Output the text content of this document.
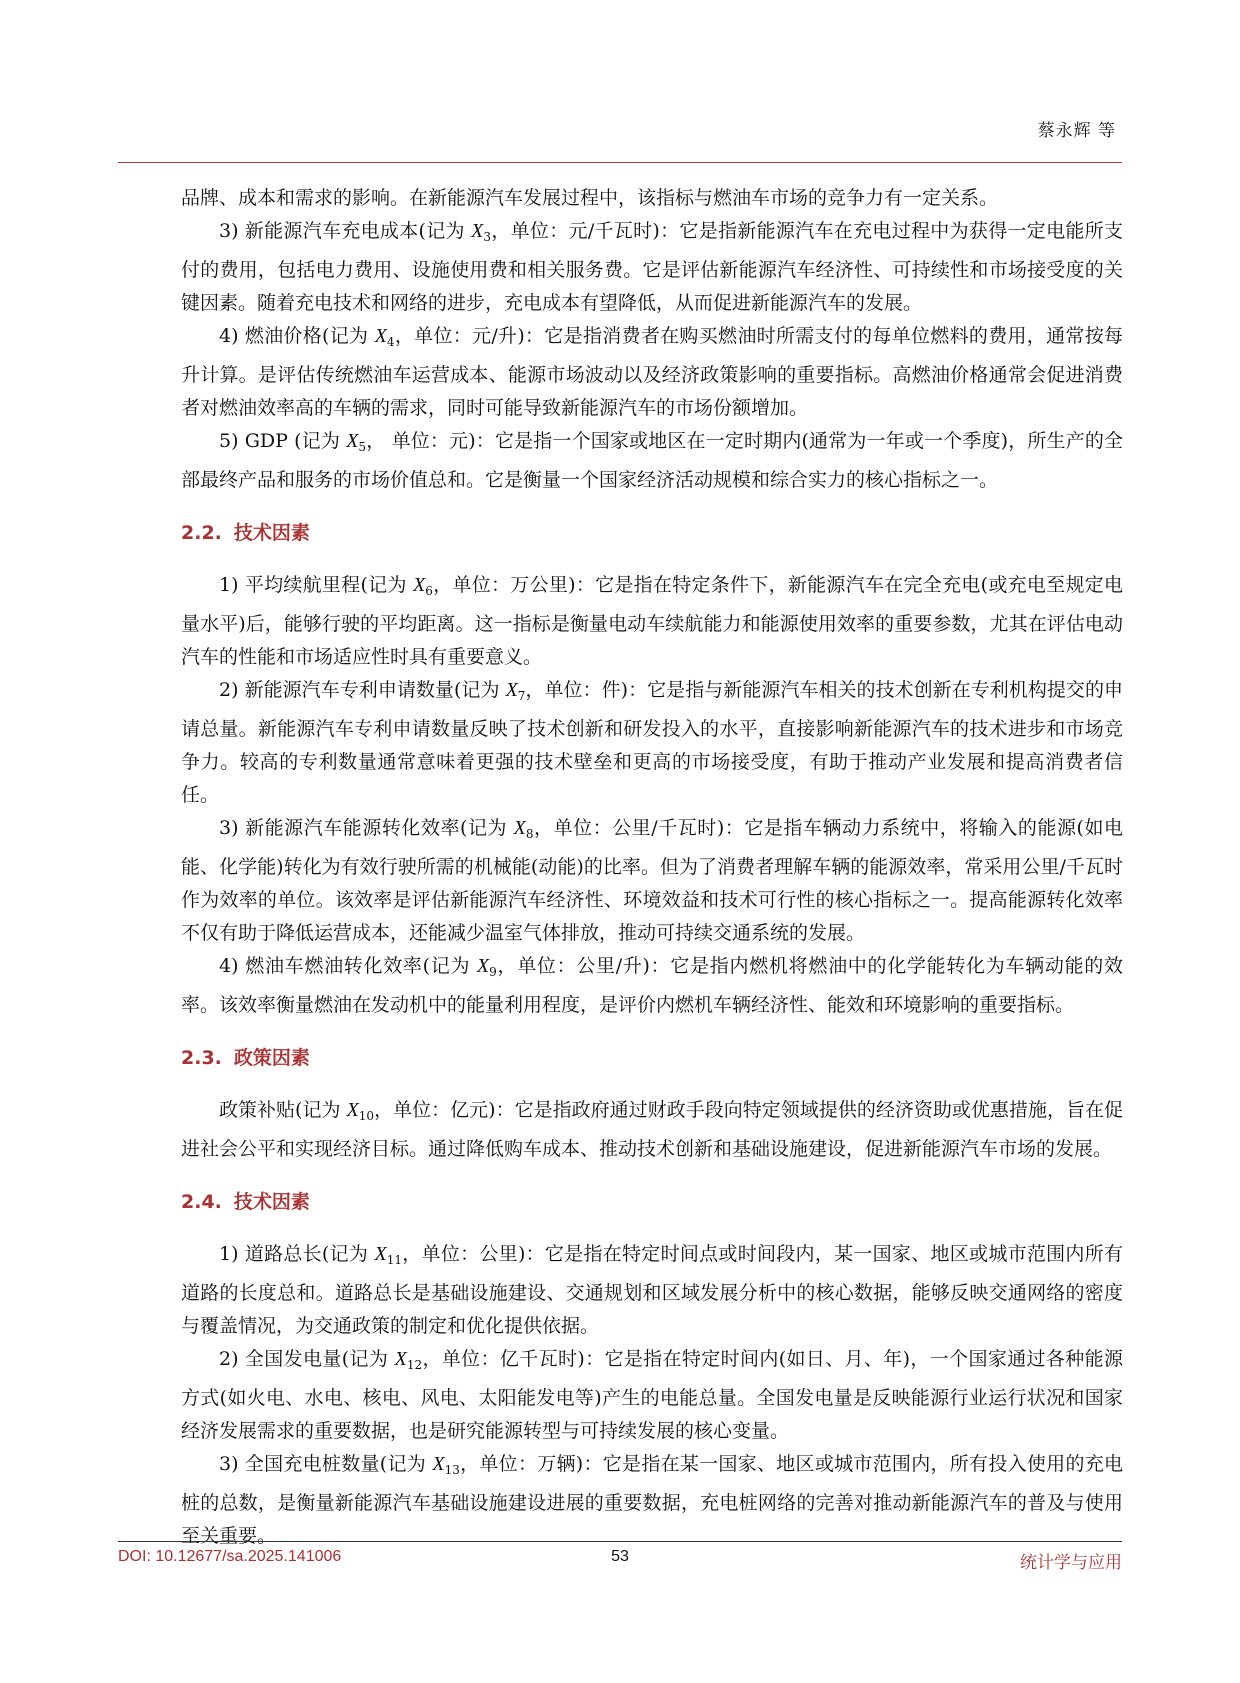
蔡永辉 等

品牌、成本和需求的影响。在新能源汽车发展过程中，该指标与燃油车市场的竞争力有一定关系。

3) 新能源汽车充电成本(记为 $X_3$，单位：元/千瓦时)：它是指新能源汽车在充电过程中为获得一定电能所支付的费用，包括电力费用、设施使用费和相关服务费。它是评估新能源汽车经济性、可持续性和市场接受度的关键因素。随着充电技术和网络的进步，充电成本有望降低，从而促进新能源汽车的发展。

4) 燃油价格(记为 $X_4$，单位：元/升)：它是指消费者在购买燃油时所需支付的每单位燃料的费用，通常按每升计算。是评估传统燃油车运营成本、能源市场波动以及经济政策影响的重要指标。高燃油价格通常会促进消费者对燃油效率高的车辆的需求，同时可能导致新能源汽车的市场份额增加。

5) GDP (记为 $X_5$， 单位：元)：它是指一个国家或地区在一定时期内(通常为一年或一个季度)，所生产的全部最终产品和服务的市场价值总和。它是衡量一个国家经济活动规模和综合实力的核心指标之一。

2.2. 技术因素

1) 平均续航里程(记为 $X_6$，单位：万公里)：它是指在特定条件下，新能源汽车在完全充电(或充电至规定电量水平)后，能够行驶的平均距离。这一指标是衡量电动车续航能力和能源使用效率的重要参数，尤其在评估电动汽车的性能和市场适应性时具有重要意义。

2) 新能源汽车专利申请数量(记为 $X_7$，单位：件)：它是指与新能源汽车相关的技术创新在专利机构提交的申请总量。新能源汽车专利申请数量反映了技术创新和研发投入的水平，直接影响新能源汽车的技术进步和市场竞争力。较高的专利数量通常意味着更强的技术壁垒和更高的市场接受度，有助于推动产业发展和提高消费者信任。

3) 新能源汽车能源转化效率(记为 $X_8$，单位：公里/千瓦时)：它是指车辆动力系统中，将输入的能源(如电能、化学能)转化为有效行驶所需的机械能(动能)的比率。但为了消费者理解车辆的能源效率，常采用公里/千瓦时作为效率的单位。该效率是评估新能源汽车经济性、环境效益和技术可行性的核心指标之一。提高能源转化效率不仅有助于降低运营成本，还能减少温室气体排放，推动可持续交通系统的发展。

4) 燃油车燃油转化效率(记为 $X_9$，单位：公里/升)：它是指内燃机将燃油中的化学能转化为车辆动能的效率。该效率衡量燃油在发动机中的能量利用程度，是评价内燃机车辆经济性、能效和环境影响的重要指标。

2.3. 政策因素

政策补贴(记为 $X_{10}$，单位：亿元)：它是指政府通过财政手段向特定领域提供的经济资助或优惠措施，旨在促进社会公平和实现经济目标。通过降低购车成本、推动技术创新和基础设施建设，促进新能源汽车市场的发展。

2.4. 技术因素

1) 道路总长(记为 $X_{11}$，单位：公里)：它是指在特定时间点或时间段内，某一国家、地区或城市范围内所有道路的长度总和。道路总长是基础设施建设、交通规划和区域发展分析中的核心数据，能够反映交通网络的密度与覆盖情况，为交通政策的制定和优化提供依据。

2) 全国发电量(记为 $X_{12}$，单位：亿千瓦时)：它是指在特定时间内(如日、月、年)，一个国家通过各种能源方式(如火电、水电、核电、风电、太阳能发电等)产生的电能总量。全国发电量是反映能源行业运行状况和国家经济发展需求的重要数据，也是研究能源转型与可持续发展的核心变量。

3) 全国充电桩数量(记为 $X_{13}$，单位：万辆)：它是指在某一国家、地区或城市范围内，所有投入使用的充电桩的总数，是衡量新能源汽车基础设施建设进展的重要数据，充电桩网络的完善对推动新能源汽车的普及与使用至关重要。

DOI: 10.12677/sa.2025.141006	53	统计学与应用
